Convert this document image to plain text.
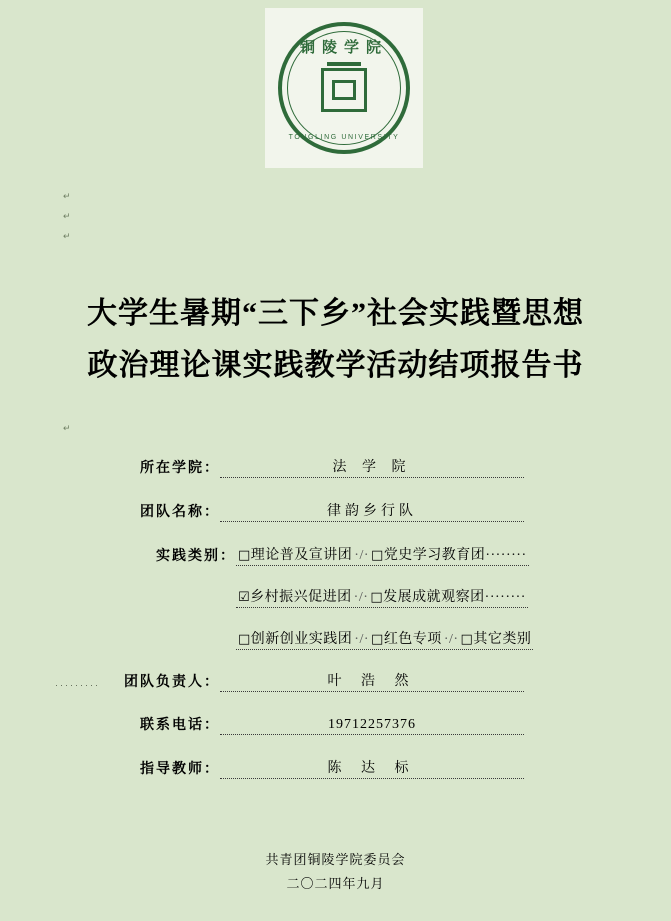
铜陵学院
TONGLING UNIVERSITY
↵
↵
↵
↵
大学生暑期“三下乡”社会实践暨思想
政治理论课实践教学活动结项报告书
所在学院：	法 学 院
团队名称：	律韵乡行队
实践类别： □理论普及宣讲团 ·/· □党史学习教育团········
☑乡村振兴促进团 ·/· □发展成就观察团········
□创新创业实践团 ·/· □红色专项 ·/· □其它类别
········· 团队负责人：	叶 浩 然
联系电话：	19712257376
指导教师：	陈 达 标
共青团铜陵学院委员会
二〇二四年九月
